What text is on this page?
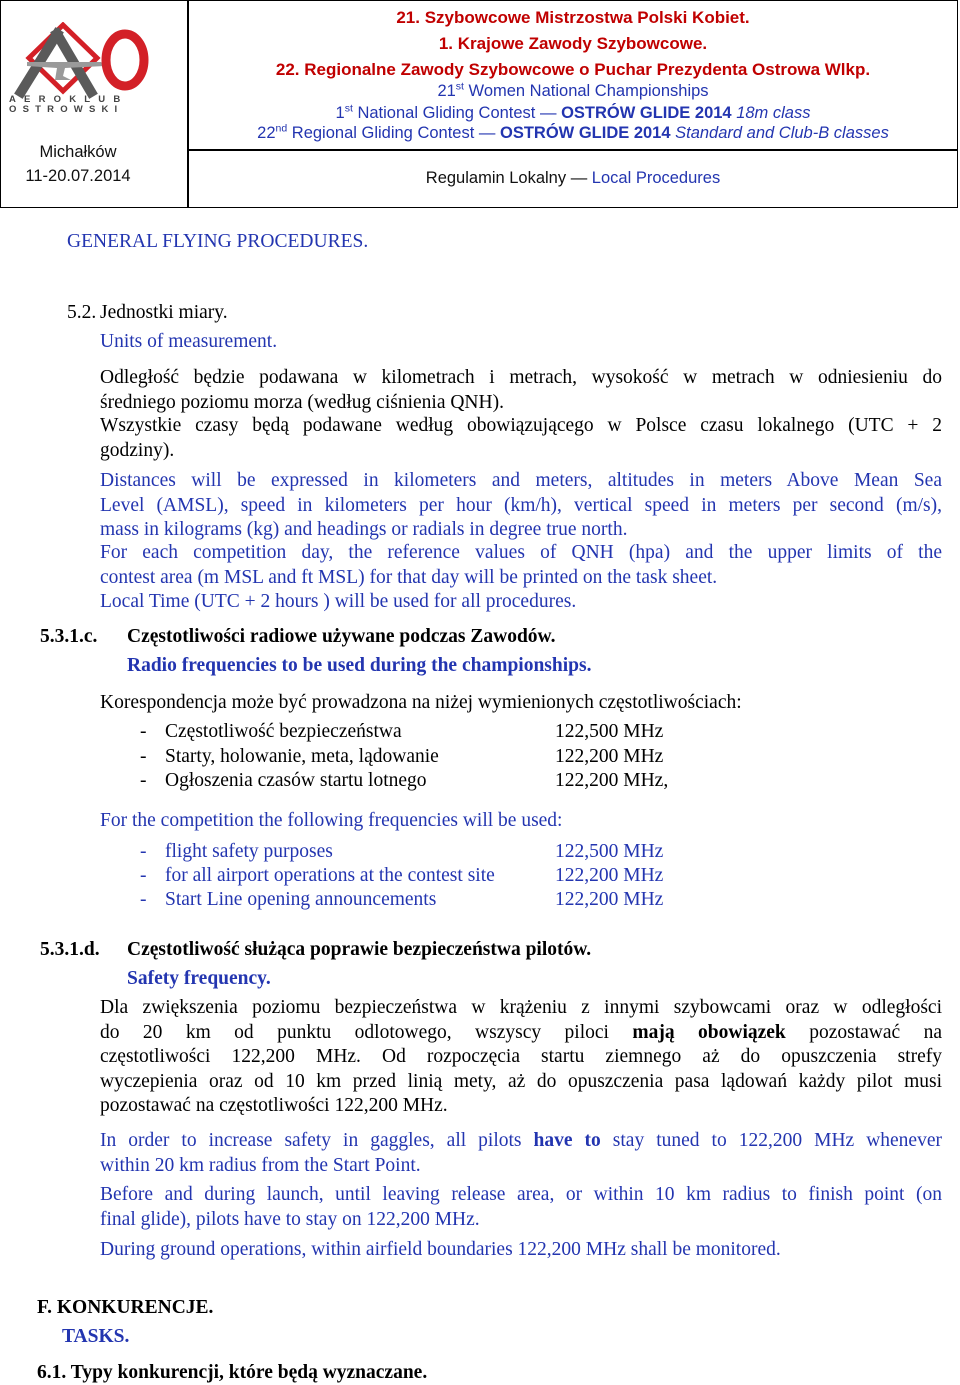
AEROKLUB
OSTROWSKI
Michałków
11-20.07.2014
21. Szybowcowe Mistrzostwa Polski Kobiet.
1. Krajowe Zawody Szybowcowe.
22. Regionalne Zawody Szybowcowe o Puchar Prezydenta Ostrowa Wlkp.
21st Women National Championships
1st National Gliding Contest — OSTRÓW GLIDE 2014 18m class
22nd Regional Gliding Contest — OSTRÓW GLIDE 2014 Standard and Club-B classes
Regulamin Lokalny — Local Procedures
GENERAL FLYING PROCEDURES.
5.2. Jednostki miary.
Units of measurement.
Odległość będzie podawana w kilometrach i metrach, wysokość w metrach w odniesieniu do
średniego poziomu morza (według ciśnienia QNH).
Wszystkie czasy będą podawane według obowiązującego w Polsce czasu lokalnego (UTC + 2
godziny).
Distances will be expressed in kilometers and meters, altitudes in meters Above Mean Sea
Level (AMSL), speed in kilometers per hour (km/h), vertical speed in meters per second (m/s),
mass in kilograms (kg) and headings or radials in degree true north.
For each competition day, the reference values of QNH (hpa) and the upper limits of the
contest area (m MSL and ft MSL) for that day will be printed on the task sheet.
Local Time (UTC + 2 hours ) will be used for all procedures.
5.3.1.c. Częstotliwości radiowe używane podczas Zawodów.
Radio frequencies to be used during the championships.
Korespondencja może być prowadzona na niżej wymienionych częstotliwościach:
- Częstotliwość bezpieczeństwa	122,500 MHz
- Starty, holowanie, meta, lądowanie	122,200 MHz
- Ogłoszenia czasów startu lotnego	122,200 MHz,
For the competition the following frequencies will be used:
- flight safety purposes	122,500 MHz
- for all airport operations at the contest site	122,200 MHz
- Start Line opening announcements	122,200 MHz
5.3.1.d. Częstotliwość służąca poprawie bezpieczeństwa pilotów.
Safety frequency.
Dla zwiększenia poziomu bezpieczeństwa w krążeniu z innymi szybowcami oraz w odległości
do 20 km od punktu odlotowego, wszyscy piloci mają obowiązek pozostawać na
częstotliwości 122,200 MHz. Od rozpoczęcia startu ziemnego aż do opuszczenia strefy
wyczepienia oraz od 10 km przed linią mety, aż do opuszczenia pasa lądowań każdy pilot musi
pozostawać na częstotliwości 122,200 MHz.
In order to increase safety in gaggles, all pilots have to stay tuned to 122,200 MHz whenever
within 20 km radius from the Start Point.
Before and during launch, until leaving release area, or within 10 km radius to finish point (on
final glide), pilots have to stay on 122,200 MHz.
During ground operations, within airfield boundaries 122,200 MHz shall be monitored.
F. KONKURENCJE.
TASKS.
6.1. Typy konkurencji, które będą wyznaczane.
